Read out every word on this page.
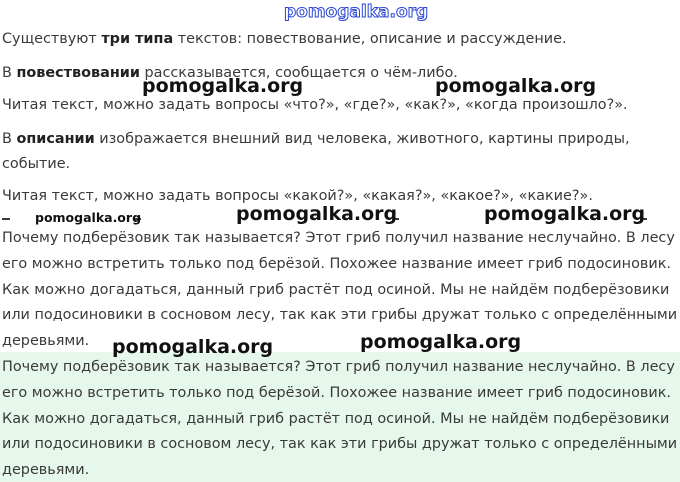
pomogalka.org

Существуют три типа текстов: повествование, описание и рассуждение.

В повествовании рассказывается, сообщается о чём-либо.

Читая текст, можно задать вопросы «что?», «где?», «как?», «когда произошло?».

В описании изображается внешний вид человека, животного, картины природы,

событие.

Читая текст, можно задать вопросы «какой?», «какая?», «какое?», «какие?».

Почему подберёзовик так называется? Этот гриб получил название неслучайно. В лесу

его можно встретить только под берёзой. Похожее название имеет гриб подосиновик.

Как можно догадаться, данный гриб растёт под осиной. Мы не найдём подберёзовики

или подосиновики в сосновом лесу, так как эти грибы дружат только с определёнными

деревьями.

Почему подберёзовик так называется? Этот гриб получил название неслучайно. В лесу

его можно встретить только под берёзой. Похожее название имеет гриб подосиновик.

Как можно догадаться, данный гриб растёт под осиной. Мы не найдём подберёзовики

или подосиновики в сосновом лесу, так как эти грибы дружат только с определёнными

деревьями.

pomogalka.org	pomogalka.org
pomogalka.org	pomogalka.org	pomogalka.org
pomogalka.org	pomogalka.org
